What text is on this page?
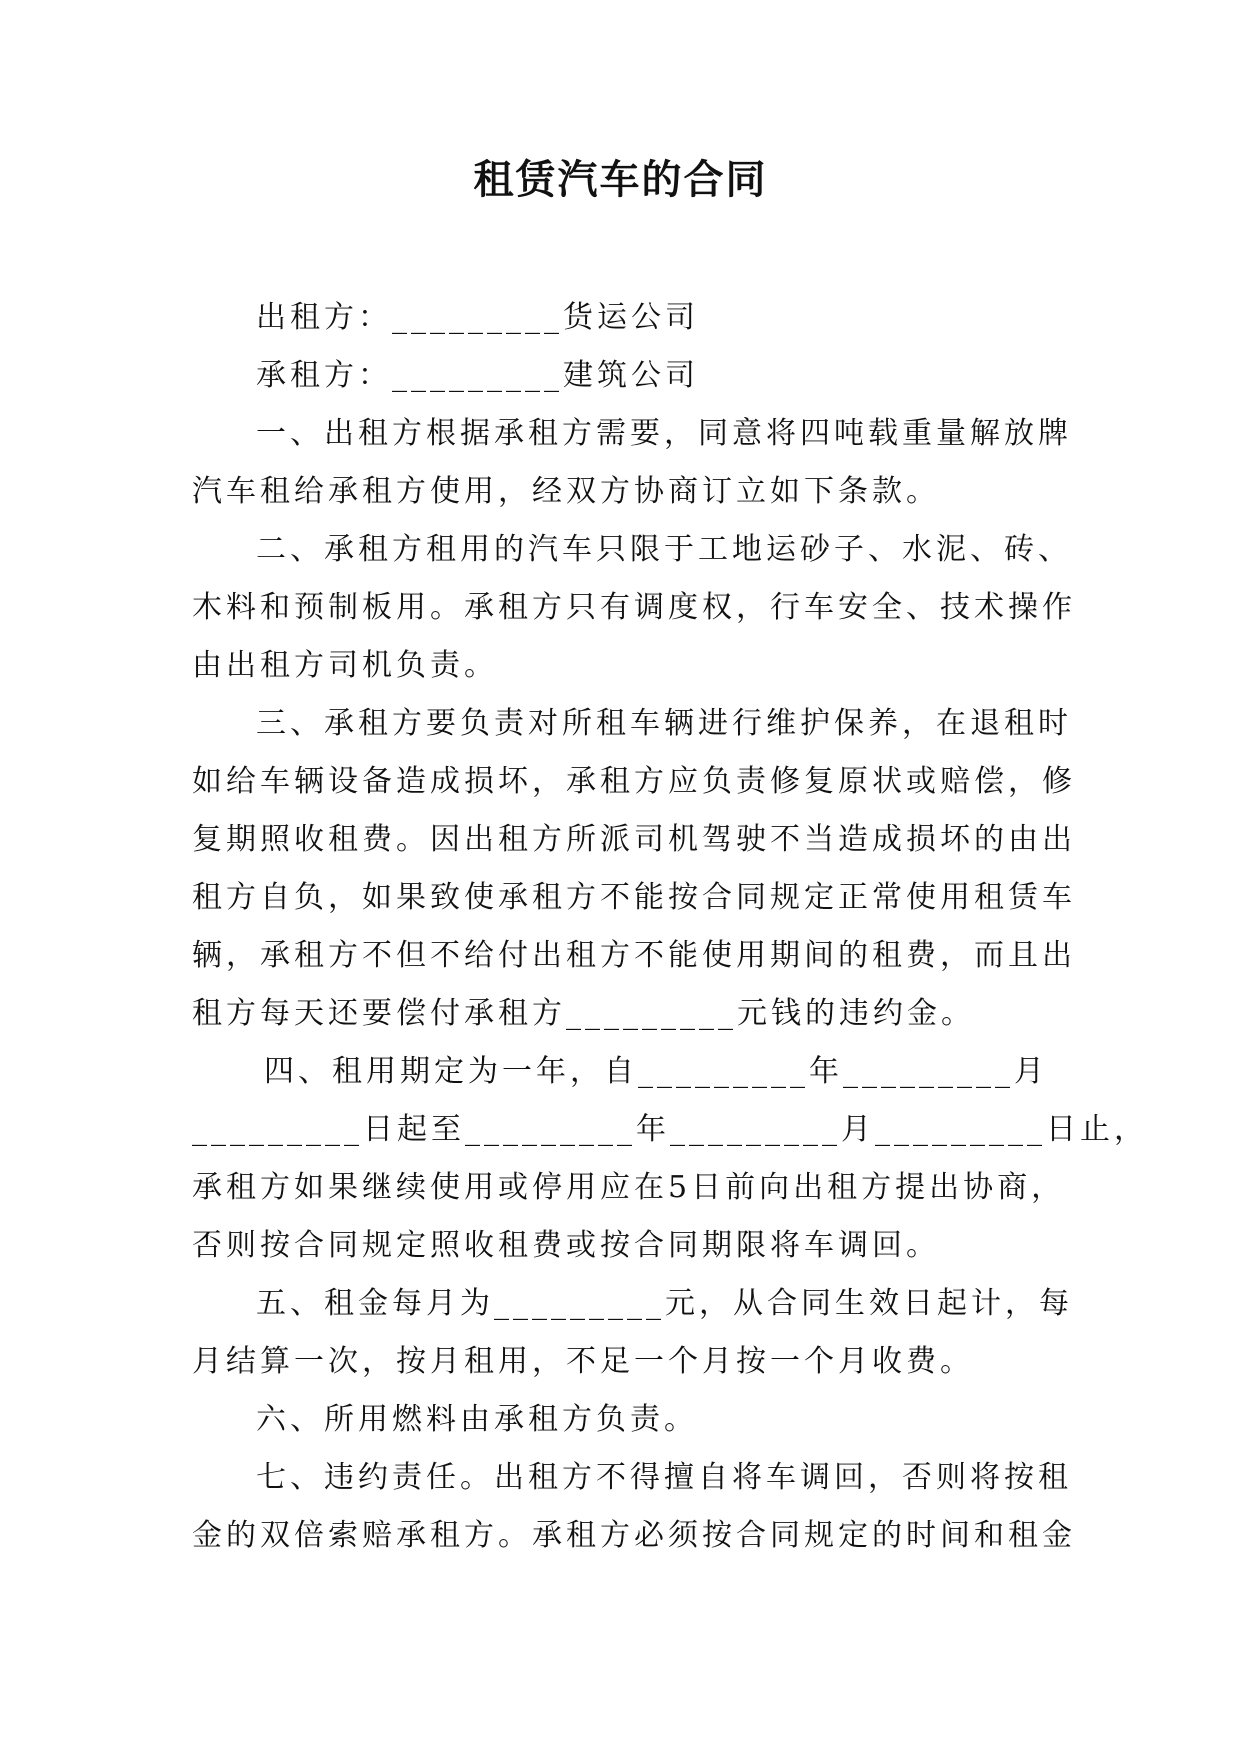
租赁汽车的合同
出租方：_________货运公司
承租方：_________建筑公司
一、出租方根据承租方需要，同意将四吨载重量解放牌
汽车租给承租方使用，经双方协商订立如下条款。
二、承租方租用的汽车只限于工地运砂子、水泥、砖、
木料和预制板用。承租方只有调度权，行车安全、技术操作
由出租方司机负责。
三、承租方要负责对所租车辆进行维护保养，在退租时
如给车辆设备造成损坏，承租方应负责修复原状或赔偿，修
复期照收租费。因出租方所派司机驾驶不当造成损坏的由出
租方自负，如果致使承租方不能按合同规定正常使用租赁车
辆，承租方不但不给付出租方不能使用期间的租费，而且出
租方每天还要偿付承租方_________元钱的违约金。
四、租用期定为一年，自_________年_________月
_________日起至_________年_________月_________日止，
承租方如果继续使用或停用应在5日前向出租方提出协商，
否则按合同规定照收租费或按合同期限将车调回。
五、租金每月为_________元，从合同生效日起计，每
月结算一次，按月租用，不足一个月按一个月收费。
六、所用燃料由承租方负责。
七、违约责任。出租方不得擅自将车调回，否则将按租
金的双倍索赔承租方。承租方必须按合同规定的时间和租金
